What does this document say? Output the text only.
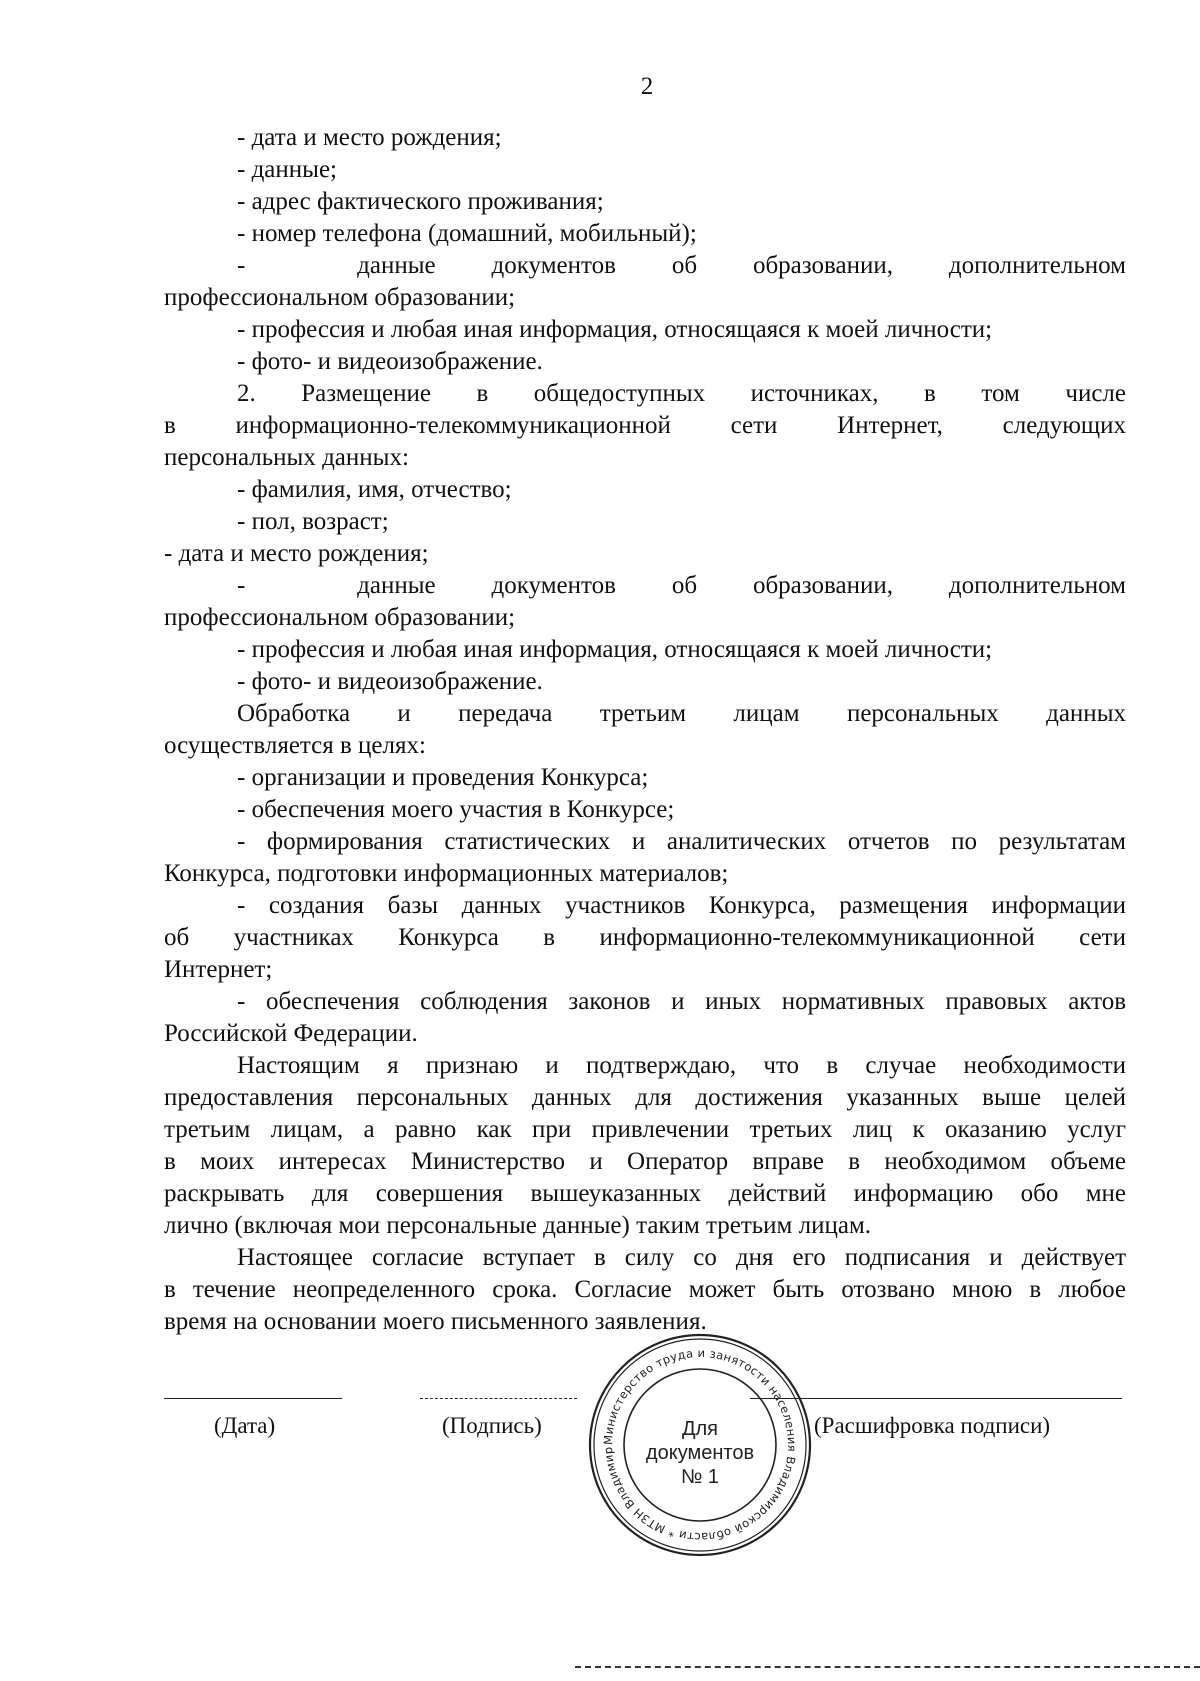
2
- дата и место рождения;
- данные;
- адрес фактического проживания;
- номер телефона (домашний, мобильный);
-  данные документов об образовании, дополнительном
профессиональном образовании;
- профессия и любая иная информация, относящаяся к моей личности;
- фото- и видеоизображение.
2. Размещение в общедоступных источниках, в том числе
в информационно-телекоммуникационной сети Интернет, следующих
персональных данных:
- фамилия, имя, отчество;
- пол, возраст;
- дата и место рождения;
-  данные документов об образовании, дополнительном
профессиональном образовании;
- профессия и любая иная информация, относящаяся к моей личности;
- фото- и видеоизображение.
Обработка и передача третьим лицам персональных данных
осуществляется в целях:
- организации и проведения Конкурса;
- обеспечения моего участия в Конкурсе;
- формирования статистических и аналитических отчетов по результатам
Конкурса, подготовки информационных материалов;
- создания базы данных участников Конкурса, размещения информации
об участниках Конкурса в информационно-телекоммуникационной сети
Интернет;
- обеспечения соблюдения законов и иных нормативных правовых актов
Российской Федерации.
Настоящим я признаю и подтверждаю, что в случае необходимости
предоставления персональных данных для достижения указанных выше целей
третьим лицам, а равно как при привлечении третьих лиц к оказанию услуг
в моих интересах Министерство и Оператор вправе в необходимом объеме
раскрывать для совершения вышеуказанных действий информацию обо мне
лично (включая мои персональные данные) таким третьим лицам.
Настоящее согласие вступает в силу со дня его подписания и действует
в течение неопределенного срока. Согласие может быть отозвано мною в любое
время на основании моего письменного заявления.
(Дата)	(Подпись)	(Расшифровка подписи)
Министерство труда и занятости населения Владимирской области * МТЗН Владимир
Для
документов
№ 1
